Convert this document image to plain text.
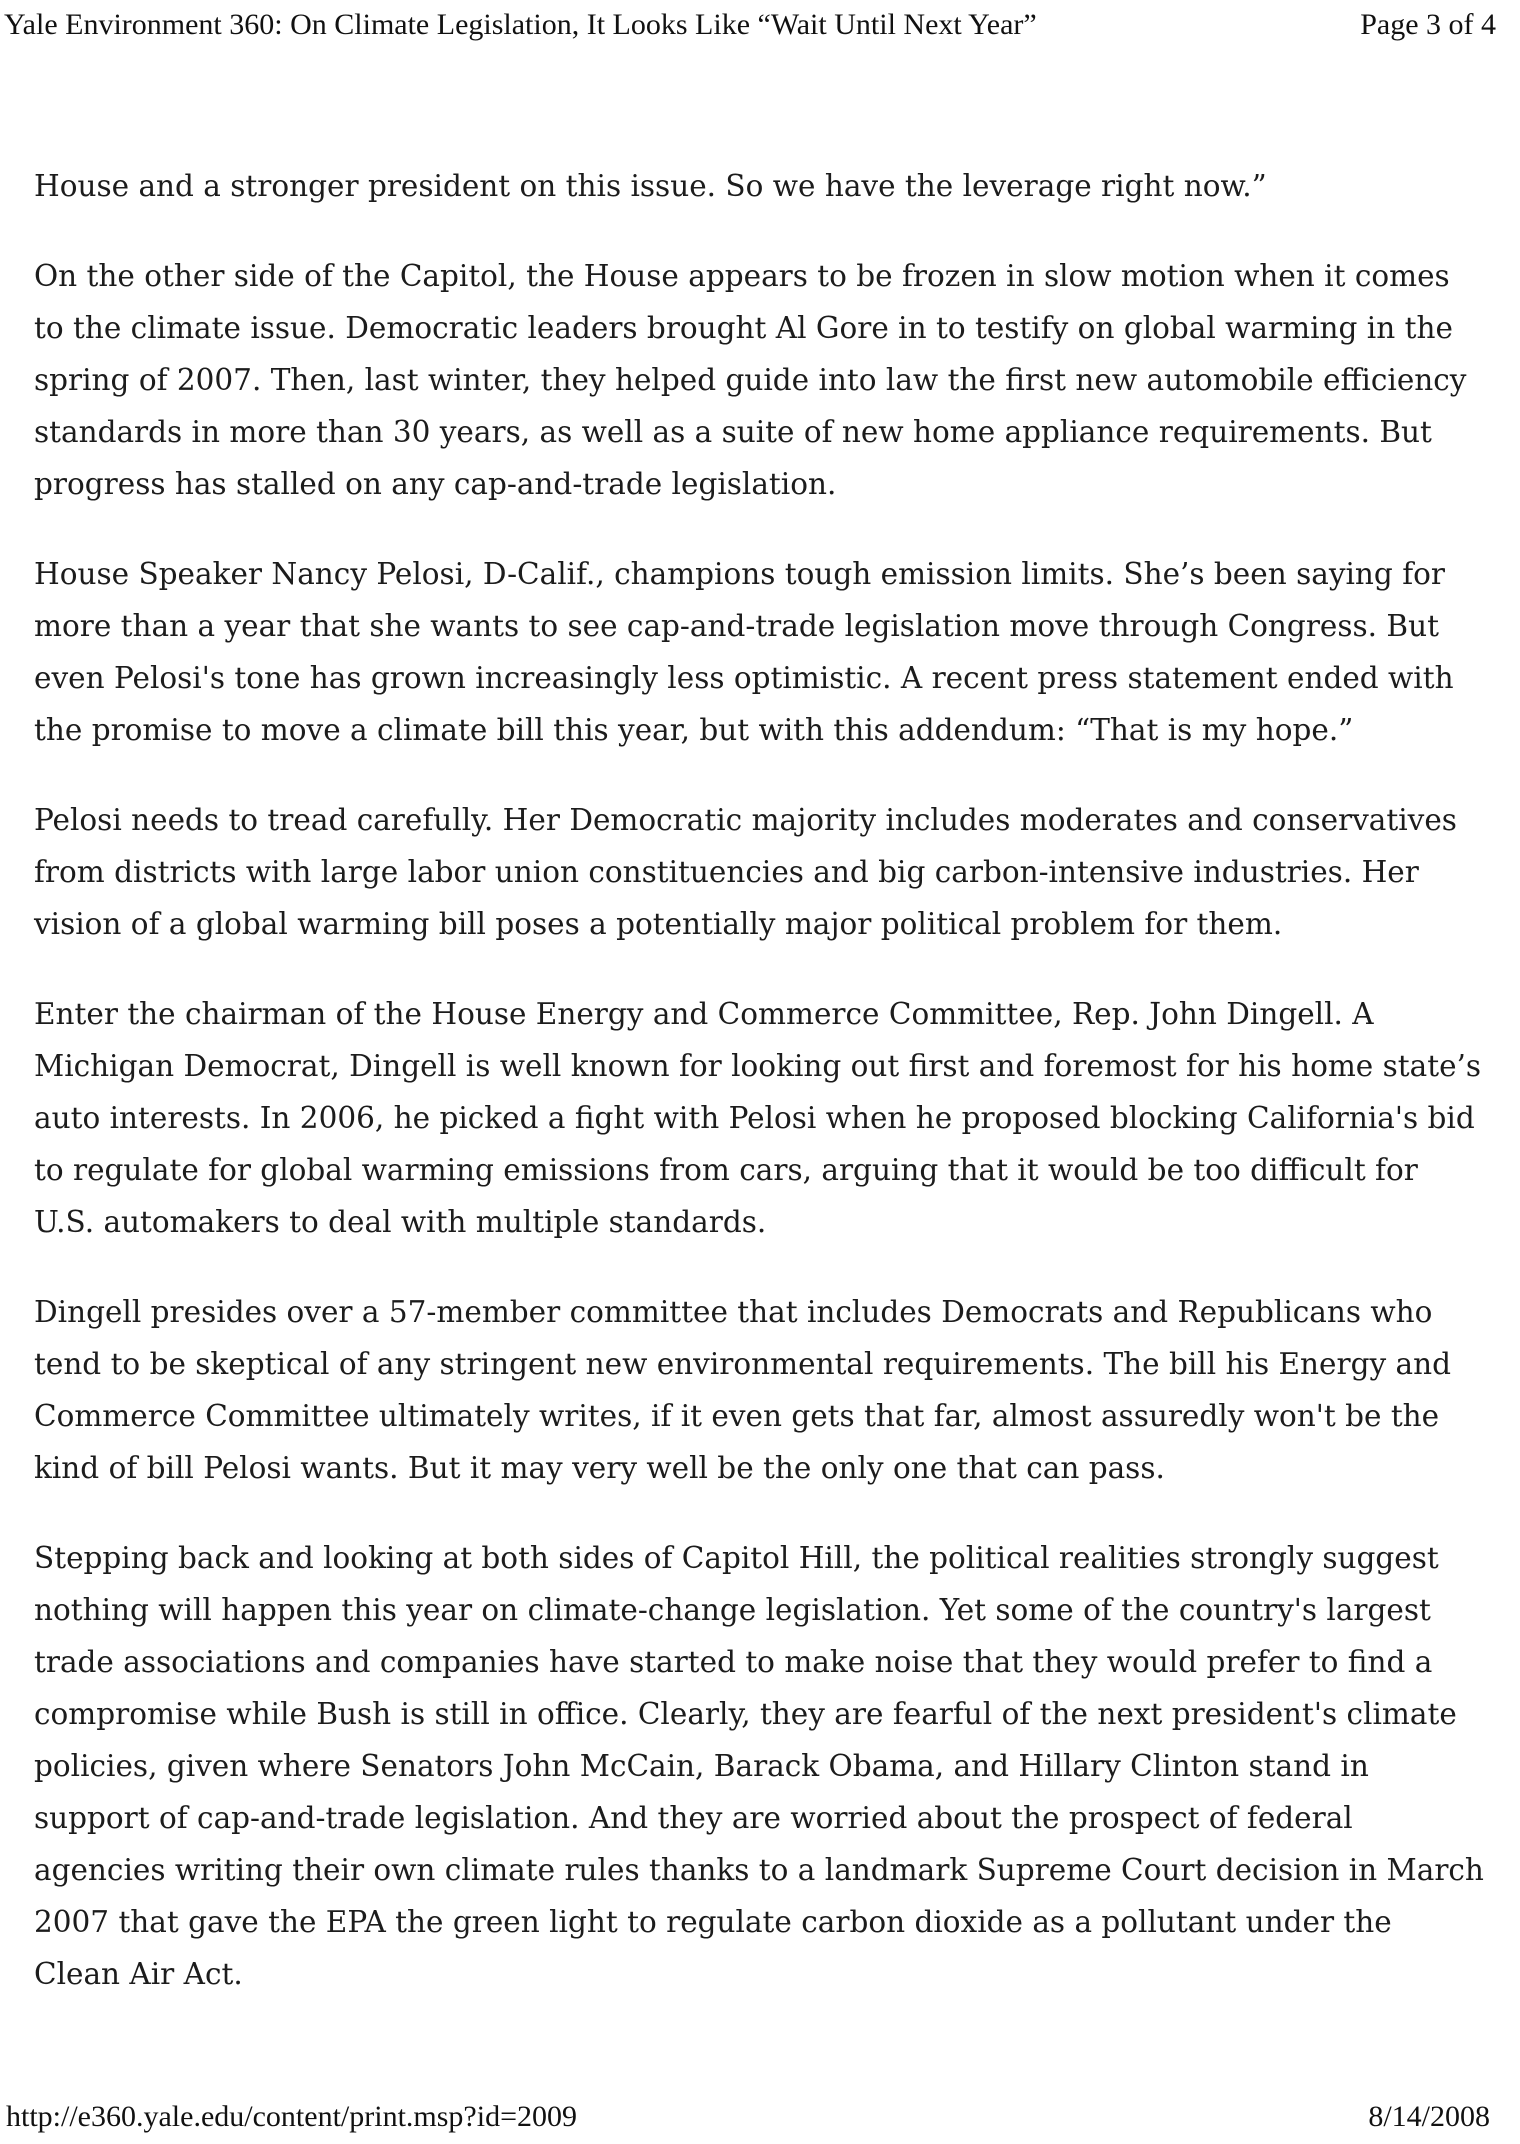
Yale Environment 360: On Climate Legislation, It Looks Like “Wait Until Next Year”	Page 3 of 4

House and a stronger president on this issue. So we have the leverage right now.”

On the other side of the Capitol, the House appears to be frozen in slow motion when it comes to the climate issue. Democratic leaders brought Al Gore in to testify on global warming in the spring of 2007. Then, last winter, they helped guide into law the first new automobile efficiency standards in more than 30 years, as well as a suite of new home appliance requirements. But progress has stalled on any cap-and-trade legislation.

House Speaker Nancy Pelosi, D-Calif., champions tough emission limits. She’s been saying for more than a year that she wants to see cap-and-trade legislation move through Congress. But even Pelosi's tone has grown increasingly less optimistic. A recent press statement ended with the promise to move a climate bill this year, but with this addendum: “That is my hope.”

Pelosi needs to tread carefully. Her Democratic majority includes moderates and conservatives from districts with large labor union constituencies and big carbon-intensive industries. Her vision of a global warming bill poses a potentially major political problem for them.

Enter the chairman of the House Energy and Commerce Committee, Rep. John Dingell. A Michigan Democrat, Dingell is well known for looking out first and foremost for his home state’s auto interests. In 2006, he picked a fight with Pelosi when he proposed blocking California's bid to regulate for global warming emissions from cars, arguing that it would be too difficult for U.S. automakers to deal with multiple standards.

Dingell presides over a 57-member committee that includes Democrats and Republicans who tend to be skeptical of any stringent new environmental requirements. The bill his Energy and Commerce Committee ultimately writes, if it even gets that far, almost assuredly won't be the kind of bill Pelosi wants. But it may very well be the only one that can pass.

Stepping back and looking at both sides of Capitol Hill, the political realities strongly suggest nothing will happen this year on climate-change legislation. Yet some of the country's largest trade associations and companies have started to make noise that they would prefer to find a compromise while Bush is still in office. Clearly, they are fearful of the next president's climate policies, given where Senators John McCain, Barack Obama, and Hillary Clinton stand in support of cap-and-trade legislation. And they are worried about the prospect of federal agencies writing their own climate rules thanks to a landmark Supreme Court decision in March 2007 that gave the EPA the green light to regulate carbon dioxide as a pollutant under the Clean Air Act.

http://e360.yale.edu/content/print.msp?id=2009	8/14/2008
